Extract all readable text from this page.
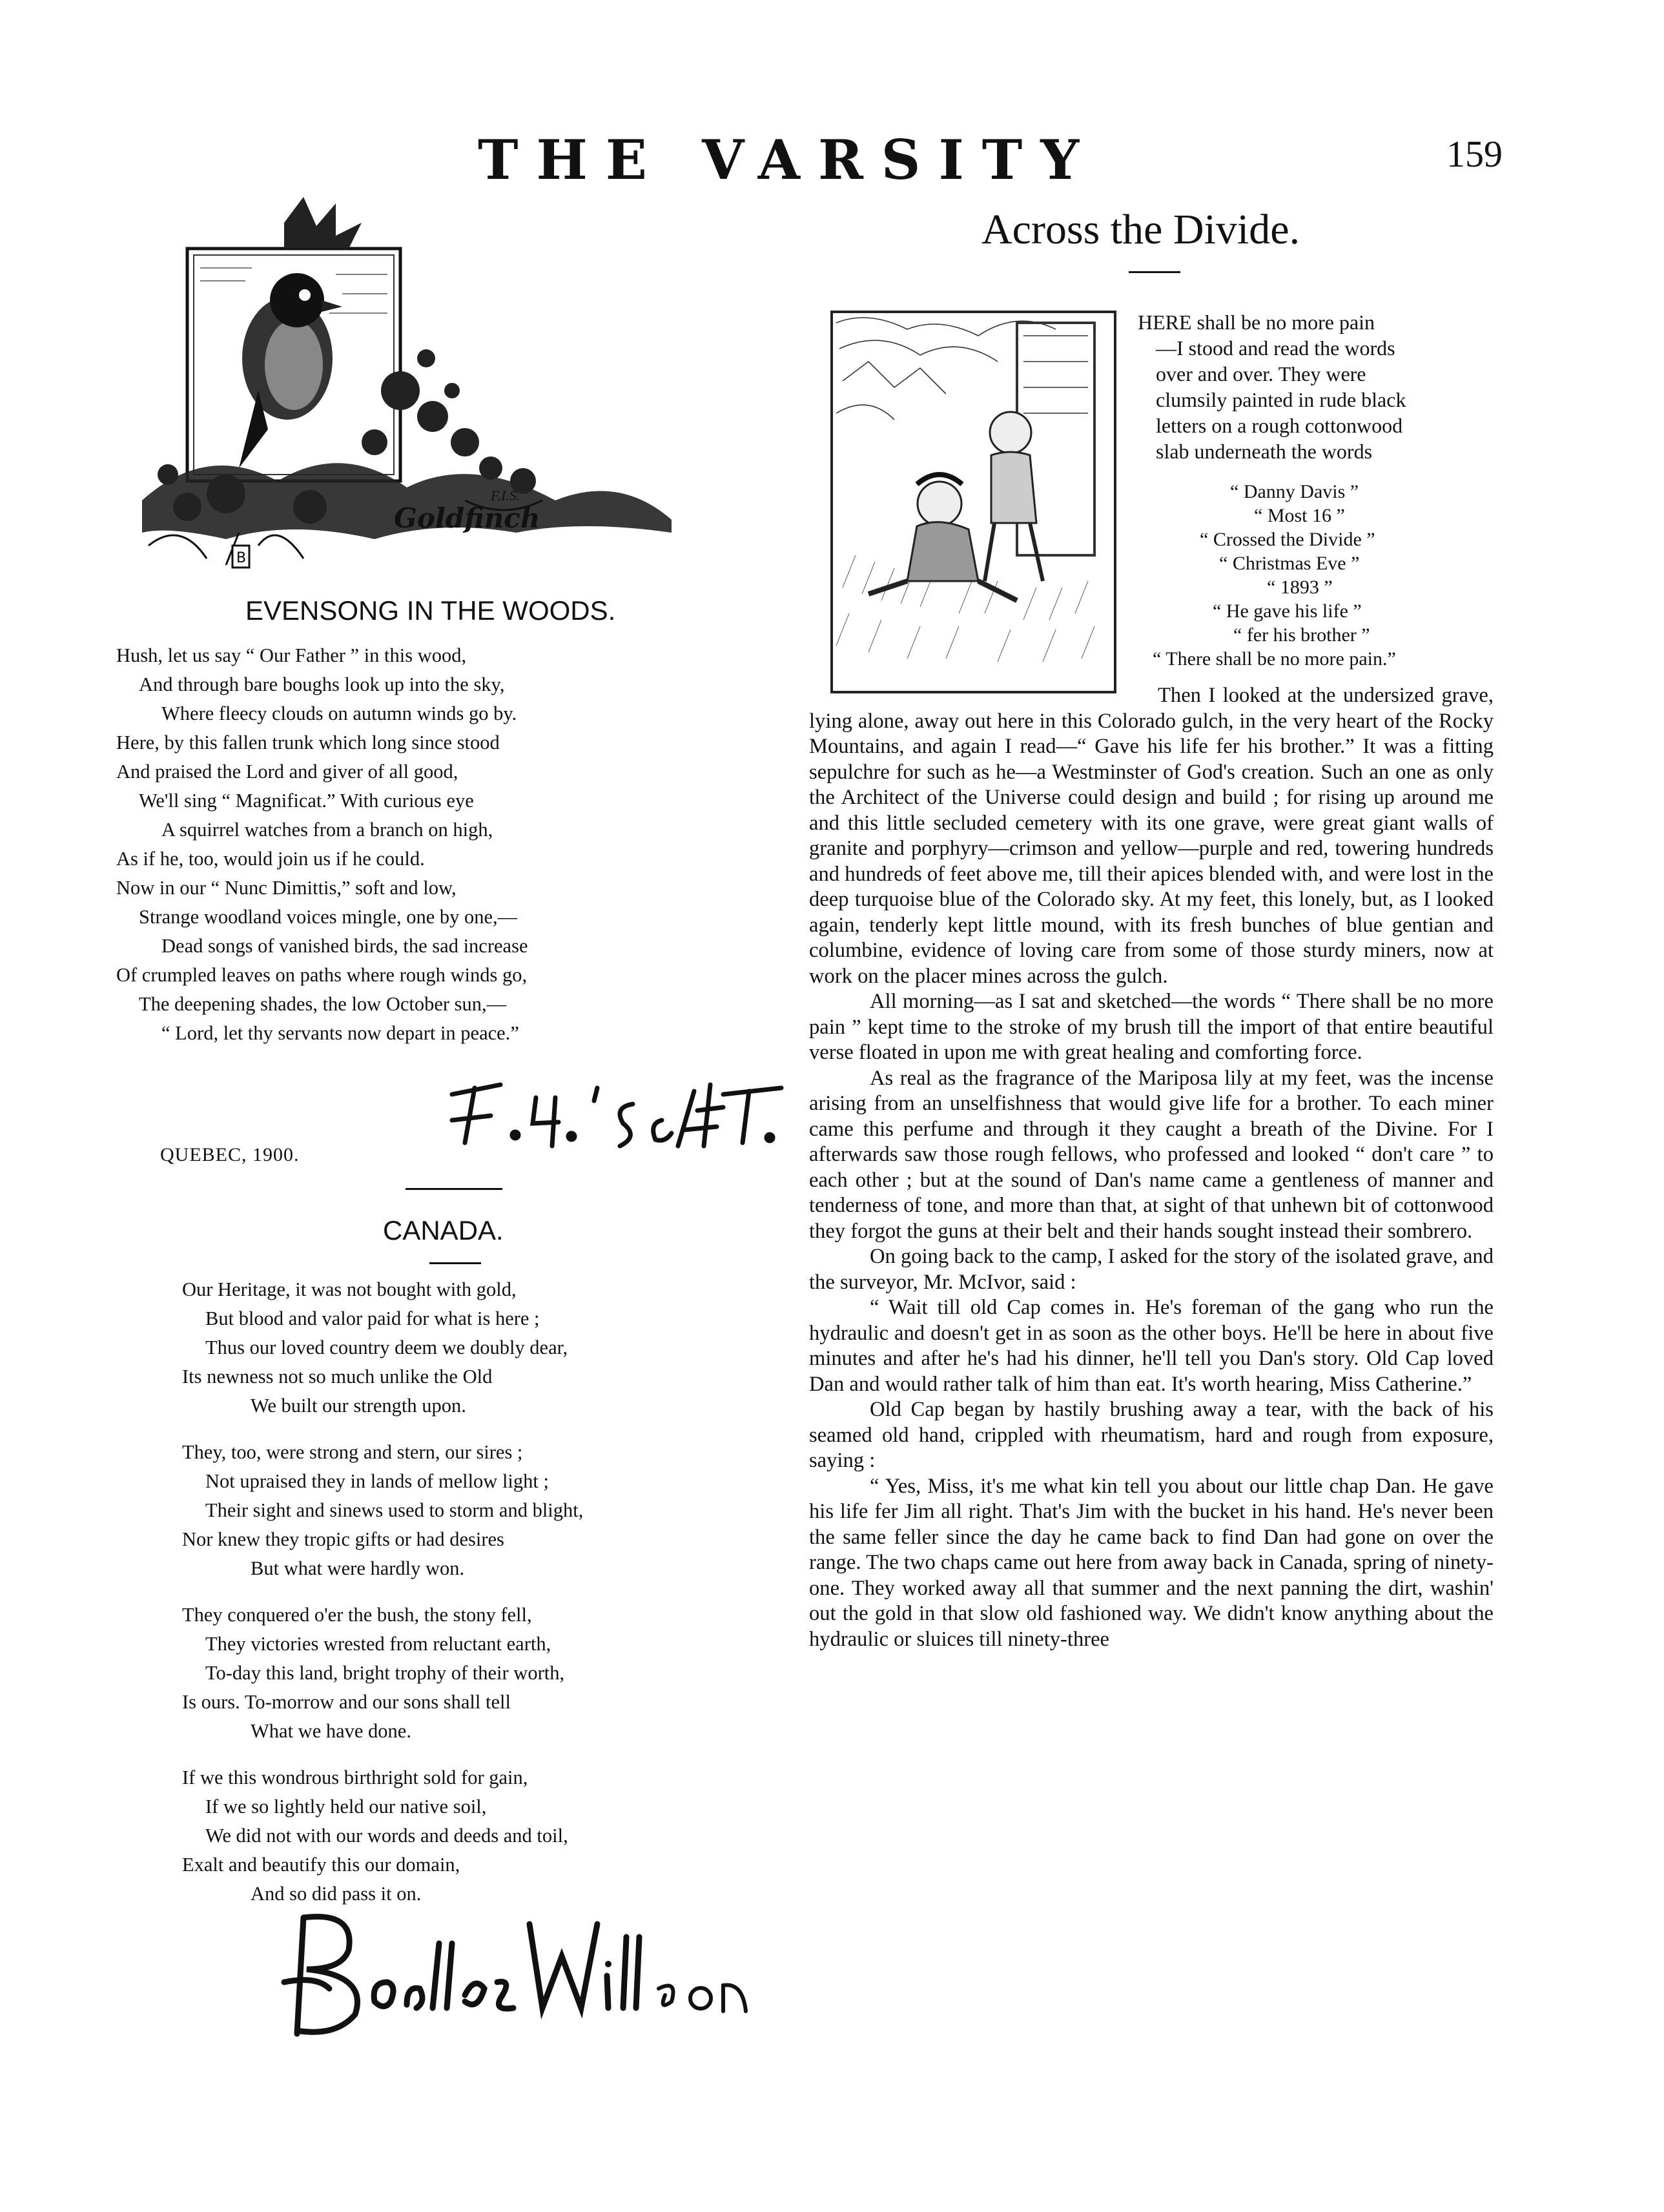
THE VARSITY	159
B
Goldfinch
F.I.S.
EVENSONG IN THE WOODS.
Hush, let us say “ Our Father ” in this wood,
And through bare boughs look up into the sky,
Where fleecy clouds on autumn winds go by.
Here, by this fallen trunk which long since stood
And praised the Lord and giver of all good,
We'll sing “ Magnificat.” With curious eye
A squirrel watches from a branch on high,
As if he, too, would join us if he could.
Now in our “ Nunc Dimittis,” soft and low,
Strange woodland voices mingle, one by one,—
Dead songs of vanished birds, the sad increase
Of crumpled leaves on paths where rough winds go,
The deepening shades, the low October sun,—
“ Lord, let thy servants now depart in peace.”
QUEBEC, 1900.
CANADA.
Our Heritage, it was not bought with gold,
But blood and valor paid for what is here ;
Thus our loved country deem we doubly dear,
Its newness not so much unlike the Old
We built our strength upon.
They, too, were strong and stern, our sires ;
Not upraised they in lands of mellow light ;
Their sight and sinews used to storm and blight,
Nor knew they tropic gifts or had desires
But what were hardly won.
They conquered o'er the bush, the stony fell,
They victories wrested from reluctant earth,
To-day this land, bright trophy of their worth,
Is ours. To-morrow and our sons shall tell
What we have done.
If we this wondrous birthright sold for gain,
If we so lightly held our native soil,
We did not with our words and deeds and toil,
Exalt and beautify this our domain,
And so did pass it on.
Across the Divide.
HERE shall be no more pain
—I stood and read the words
over and over. They were
clumsily painted in rude black
letters on a rough cottonwood
slab underneath the words
“ Danny Davis ”
“ Most 16 ”
“ Crossed the Divide ”
“ Christmas Eve ”
“ 1893 ”
“ He gave his life ”
“ fer his brother ”
“ There shall be no more pain.”

Then I looked at the undersized grave, lying alone, away out here in this Colorado gulch, in the very heart of the Rocky Mountains, and again I read—“ Gave his life fer his brother.” It was a fitting sepulchre for such as he—a Westminster of God's creation. Such an one as only the Architect of the Universe could design and build ; for rising up around me and this little secluded cemetery with its one grave, were great giant walls of granite and porphyry—crimson and yellow—purple and red, towering hundreds and hundreds of feet above me, till their apices blended with, and were lost in the deep turquoise blue of the Colorado sky. At my feet, this lonely, but, as I looked again, tenderly kept little mound, with its fresh bunches of blue gentian and columbine, evidence of loving care from some of those sturdy miners, now at work on the placer mines across the gulch.

All morning—as I sat and sketched—the words “ There shall be no more pain ” kept time to the stroke of my brush till the import of that entire beautiful verse floated in upon me with great healing and comforting force.

As real as the fragrance of the Mariposa lily at my feet, was the incense arising from an unselfishness that would give life for a brother. To each miner came this perfume and through it they caught a breath of the Divine. For I afterwards saw those rough fellows, who professed and looked “ don't care ” to each other ; but at the sound of Dan's name came a gentleness of manner and tenderness of tone, and more than that, at sight of that unhewn bit of cottonwood they forgot the guns at their belt and their hands sought instead their sombrero.

On going back to the camp, I asked for the story of the isolated grave, and the surveyor, Mr. McIvor, said :

“ Wait till old Cap comes in. He's foreman of the gang who run the hydraulic and doesn't get in as soon as the other boys. He'll be here in about five minutes and after he's had his dinner, he'll tell you Dan's story. Old Cap loved Dan and would rather talk of him than eat. It's worth hearing, Miss Catherine.”

Old Cap began by hastily brushing away a tear, with the back of his seamed old hand, crippled with rheumatism, hard and rough from exposure, saying :

“ Yes, Miss, it's me what kin tell you about our little chap Dan. He gave his life fer Jim all right. That's Jim with the bucket in his hand. He's never been the same feller since the day he came back to find Dan had gone on over the range. The two chaps came out here from away back in Canada, spring of ninety-one. They worked away all that summer and the next panning the dirt, washin' out the gold in that slow old fashioned way. We didn't know anything about the hydraulic or sluices till ninety-three
